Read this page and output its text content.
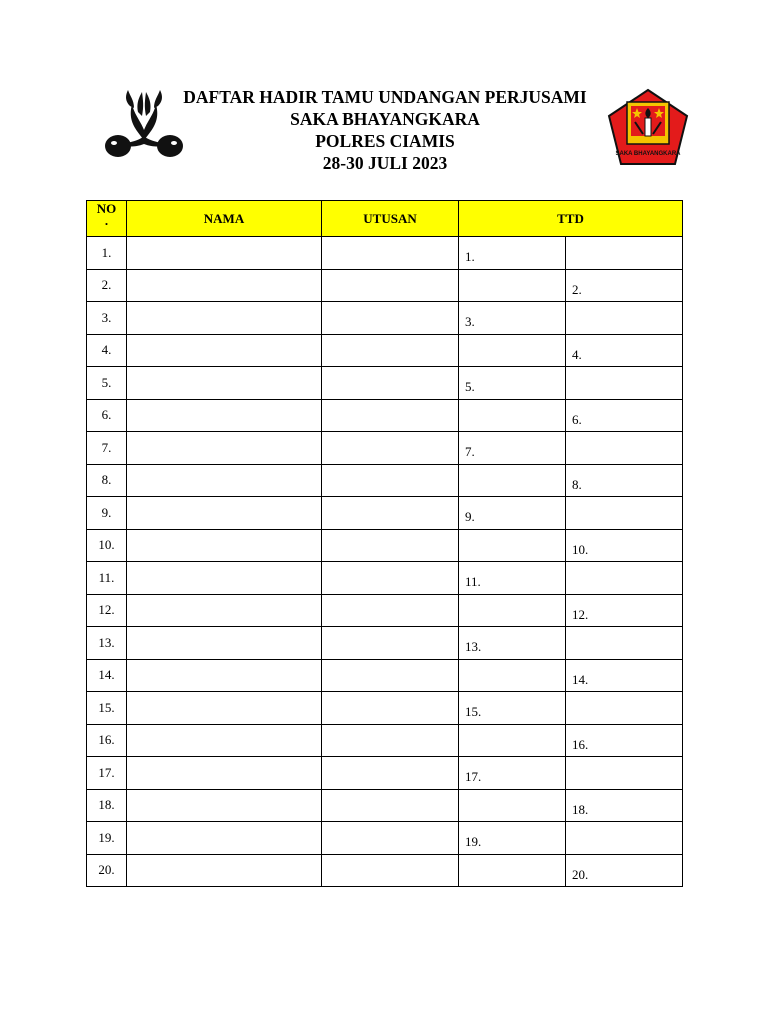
DAFTAR HADIR TAMU UNDANGAN PERJUSAMI
SAKA BHAYANGKARA
POLRES CIAMIS
28-30 JULI 2023	SAKA BHAYANGKARA
NO
.	NAMA	UTUSAN	TTD	
1.			1.	
2.				2.
3.			3.	
4.				4.
5.			5.	
6.				6.
7.			7.	
8.				8.
9.			9.	
10.				10.
11.			11.	
12.				12.
13.			13.	
14.				14.
15.			15.	
16.				16.
17.			17.	
18.				18.
19.			19.	
20.				20.
